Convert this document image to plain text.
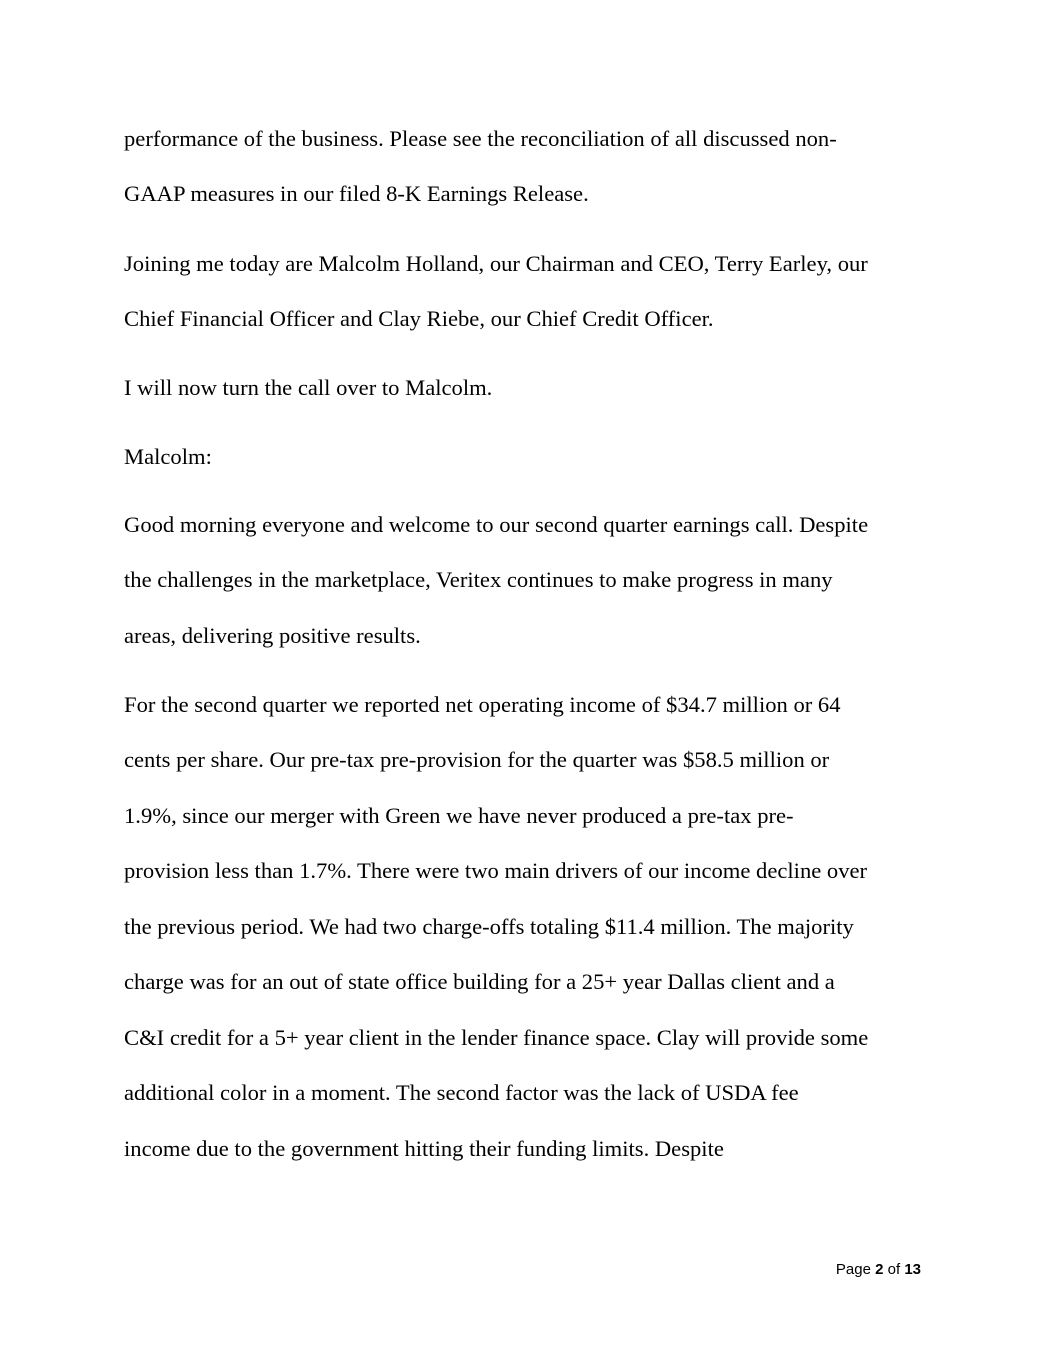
performance of the business. Please see the reconciliation of all discussed non-

GAAP measures in our filed 8-K Earnings Release.

Joining me today are Malcolm Holland, our Chairman and CEO, Terry Earley, our

Chief Financial Officer and Clay Riebe, our Chief Credit Officer.

I will now turn the call over to Malcolm.

Malcolm:

Good morning everyone and welcome to our second quarter earnings call. Despite

the challenges in the marketplace, Veritex continues to make progress in many

areas, delivering positive results.

For the second quarter we reported net operating income of $34.7 million or 64

cents per share. Our pre-tax pre-provision for the quarter was $58.5 million or

1.9%, since our merger with Green we have never produced a pre-tax pre-

provision less than 1.7%. There were two main drivers of our income decline over

the previous period. We had two charge-offs totaling $11.4 million. The majority

charge was for an out of state office building for a 25+ year Dallas client and a

C&I credit for a 5+ year client in the lender finance space. Clay will provide some

additional color in a moment. The second factor was the lack of USDA fee

income due to the government hitting their funding limits. Despite

Page 2 of 13
